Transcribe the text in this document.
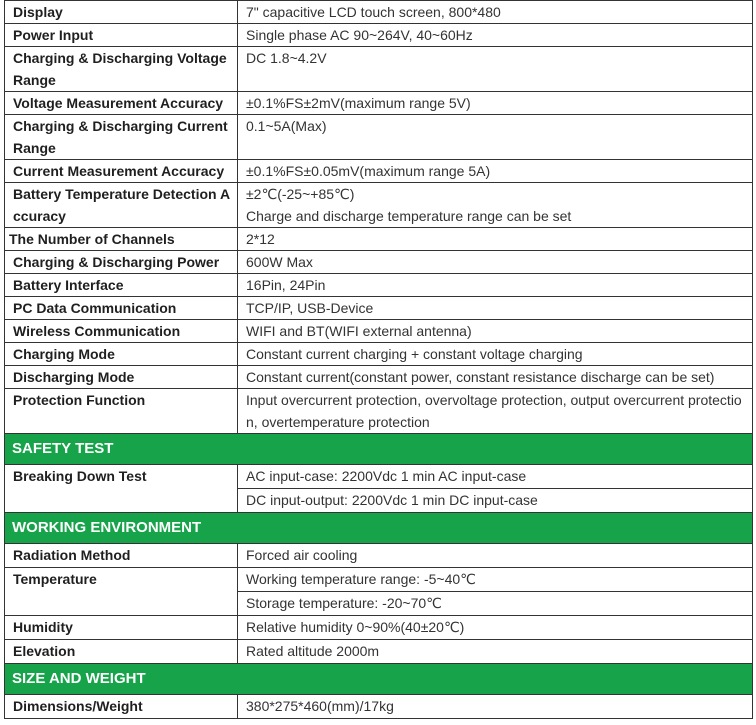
Display	7" capacitive LCD touch screen, 800*480
Power Input	Single phase AC 90~264V, 40~60Hz
Charging & Discharging Voltage Range	DC 1.8~4.2V
Voltage Measurement Accuracy	±0.1%FS±2mV(maximum range 5V)
Charging & Discharging Current Range	0.1~5A(Max)
Current Measurement Accuracy	±0.1%FS±0.05mV(maximum range 5A)
Battery Temperature Detection Accuracy	±2℃(-25~+85℃)
Charge and discharge temperature range can be set

The Number of Channels	2*12
Charging & Discharging Power	600W Max
Battery Interface	16Pin, 24Pin
PC Data Communication	TCP/IP, USB-Device
Wireless Communication	WIFI and BT(WIFI external antenna)
Charging Mode	Constant current charging + constant voltage charging
Discharging Mode	Constant current(constant power, constant resistance discharge can be set)
Protection Function	Input overcurrent protection, overvoltage protection, output overcurrent protection, overtemperature protection
SAFETY TEST	
Breaking Down Test	AC input-case: 2200Vdc 1 min AC input-case
	DC input-output: 2200Vdc 1 min DC input-case
WORKING ENVIRONMENT	
Radiation Method	Forced air cooling
Temperature	Working temperature range: -5~40℃
	Storage temperature: -20~70℃
Humidity	Relative humidity 0~90%(40±20℃)
Elevation	Rated altitude 2000m
SIZE AND WEIGHT	
Dimensions/Weight	380*275*460(mm)/17kg
